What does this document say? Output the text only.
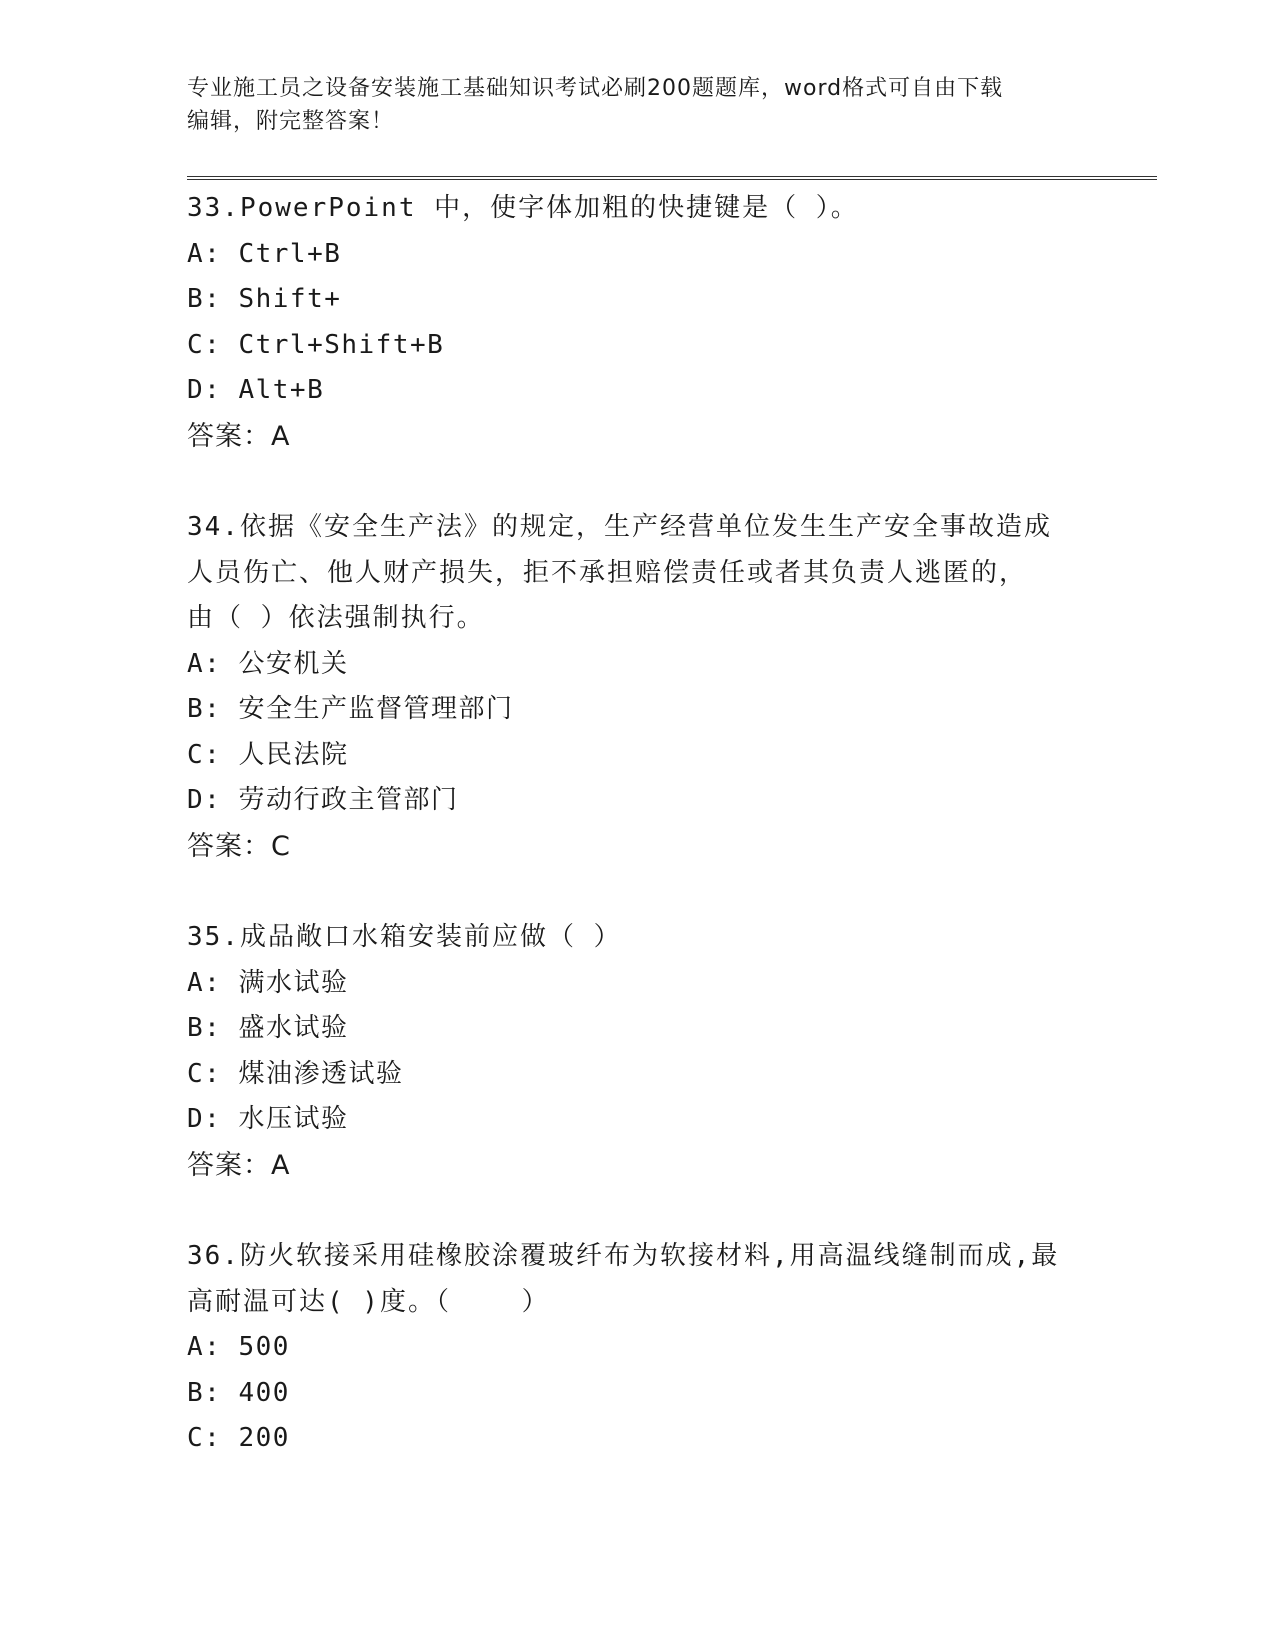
专业施工员之设备安装施工基础知识考试必刷200题题库，word格式可自由下载
编辑，附完整答案！
33.PowerPoint 中，使字体加粗的快捷键是（ ）。
A: Ctrl+B
B: Shift+
C: Ctrl+Shift+B
D: Alt+B
答案：A
34.依据《安全生产法》的规定，生产经营单位发生生产安全事故造成
人员伤亡、他人财产损失，拒不承担赔偿责任或者其负责人逃匿的，
由（ ）依法强制执行。
A: 公安机关
B: 安全生产监督管理部门
C: 人民法院
D: 劳动行政主管部门
答案：C
35.成品敞口水箱安装前应做（ ）
A: 满水试验
B: 盛水试验
C: 煤油渗透试验
D: 水压试验
答案：A
36.防火软接采用硅橡胶涂覆玻纤布为软接材料,用高温线缝制而成,最
高耐温可达( )度。（    ）
A: 500
B: 400
C: 200
